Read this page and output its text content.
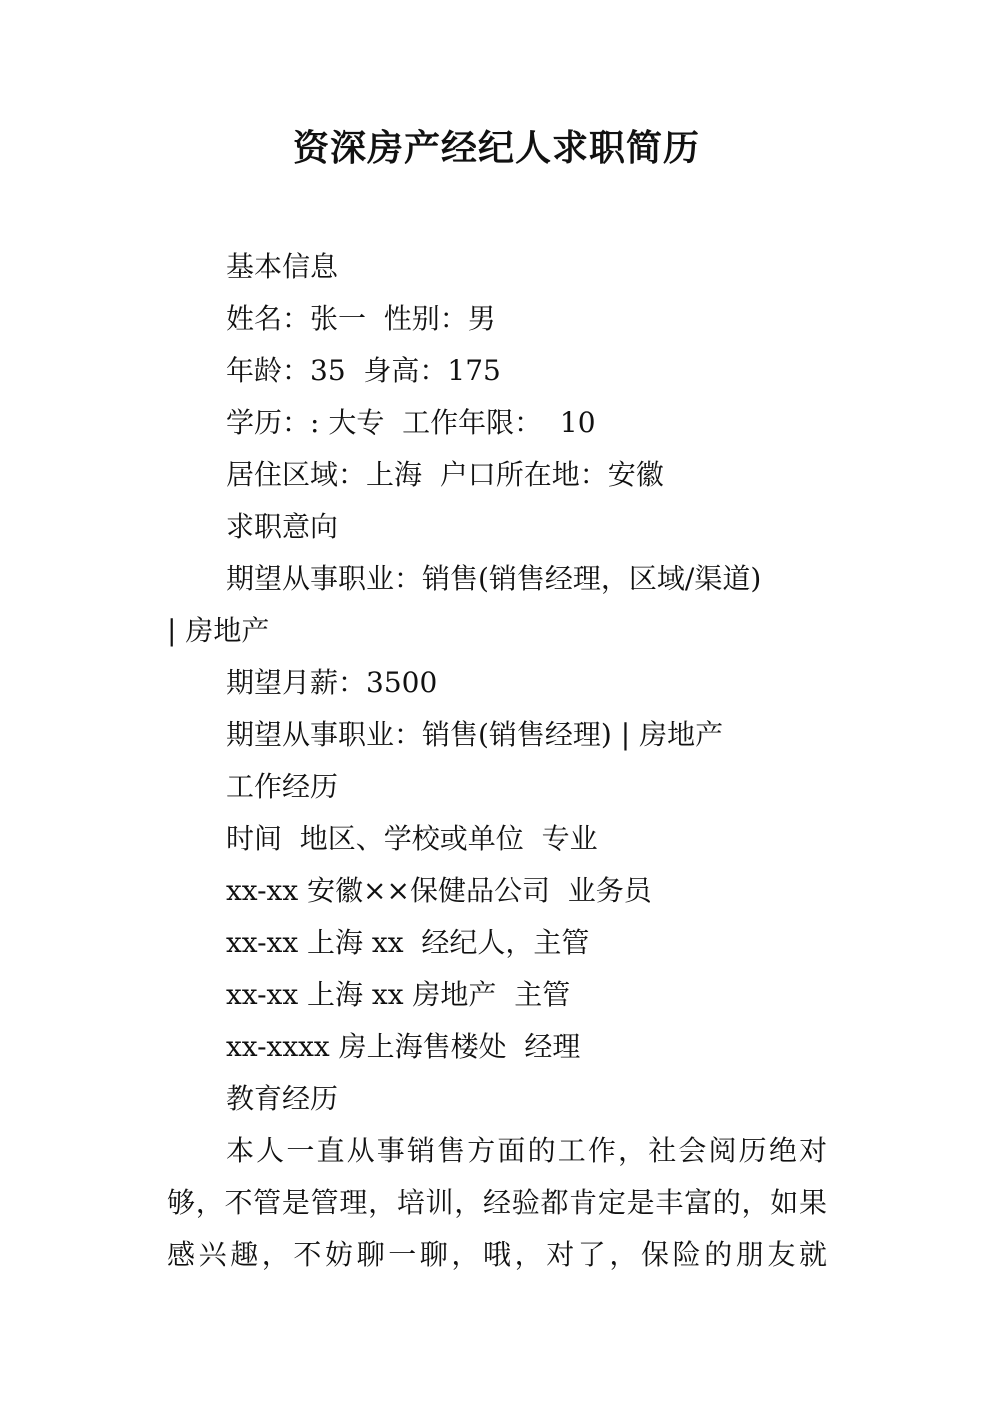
资深房产经纪人求职简历

基本信息

姓名：张一  性别：男

年龄：35  身高：175

学历：: 大专  工作年限：  10

居住区域：上海  户口所在地：安徽

求职意向

期望从事职业：销售(销售经理，区域/渠道)

| 房地产

期望月薪：3500

期望从事职业：销售(销售经理) | 房地产

工作经历

时间  地区、学校或单位  专业

xx-xx 安徽××保健品公司  业务员

xx-xx 上海 xx  经纪人，主管

xx-xx 上海 xx 房地产  主管

xx-xxxx 房上海售楼处  经理

教育经历

本人一直从事销售方面的工作，社会阅历绝对够，不管是管理，培训，经验都肯定是丰富的，如果感兴趣，不妨聊一聊，哦，对了，保险的朋友就
